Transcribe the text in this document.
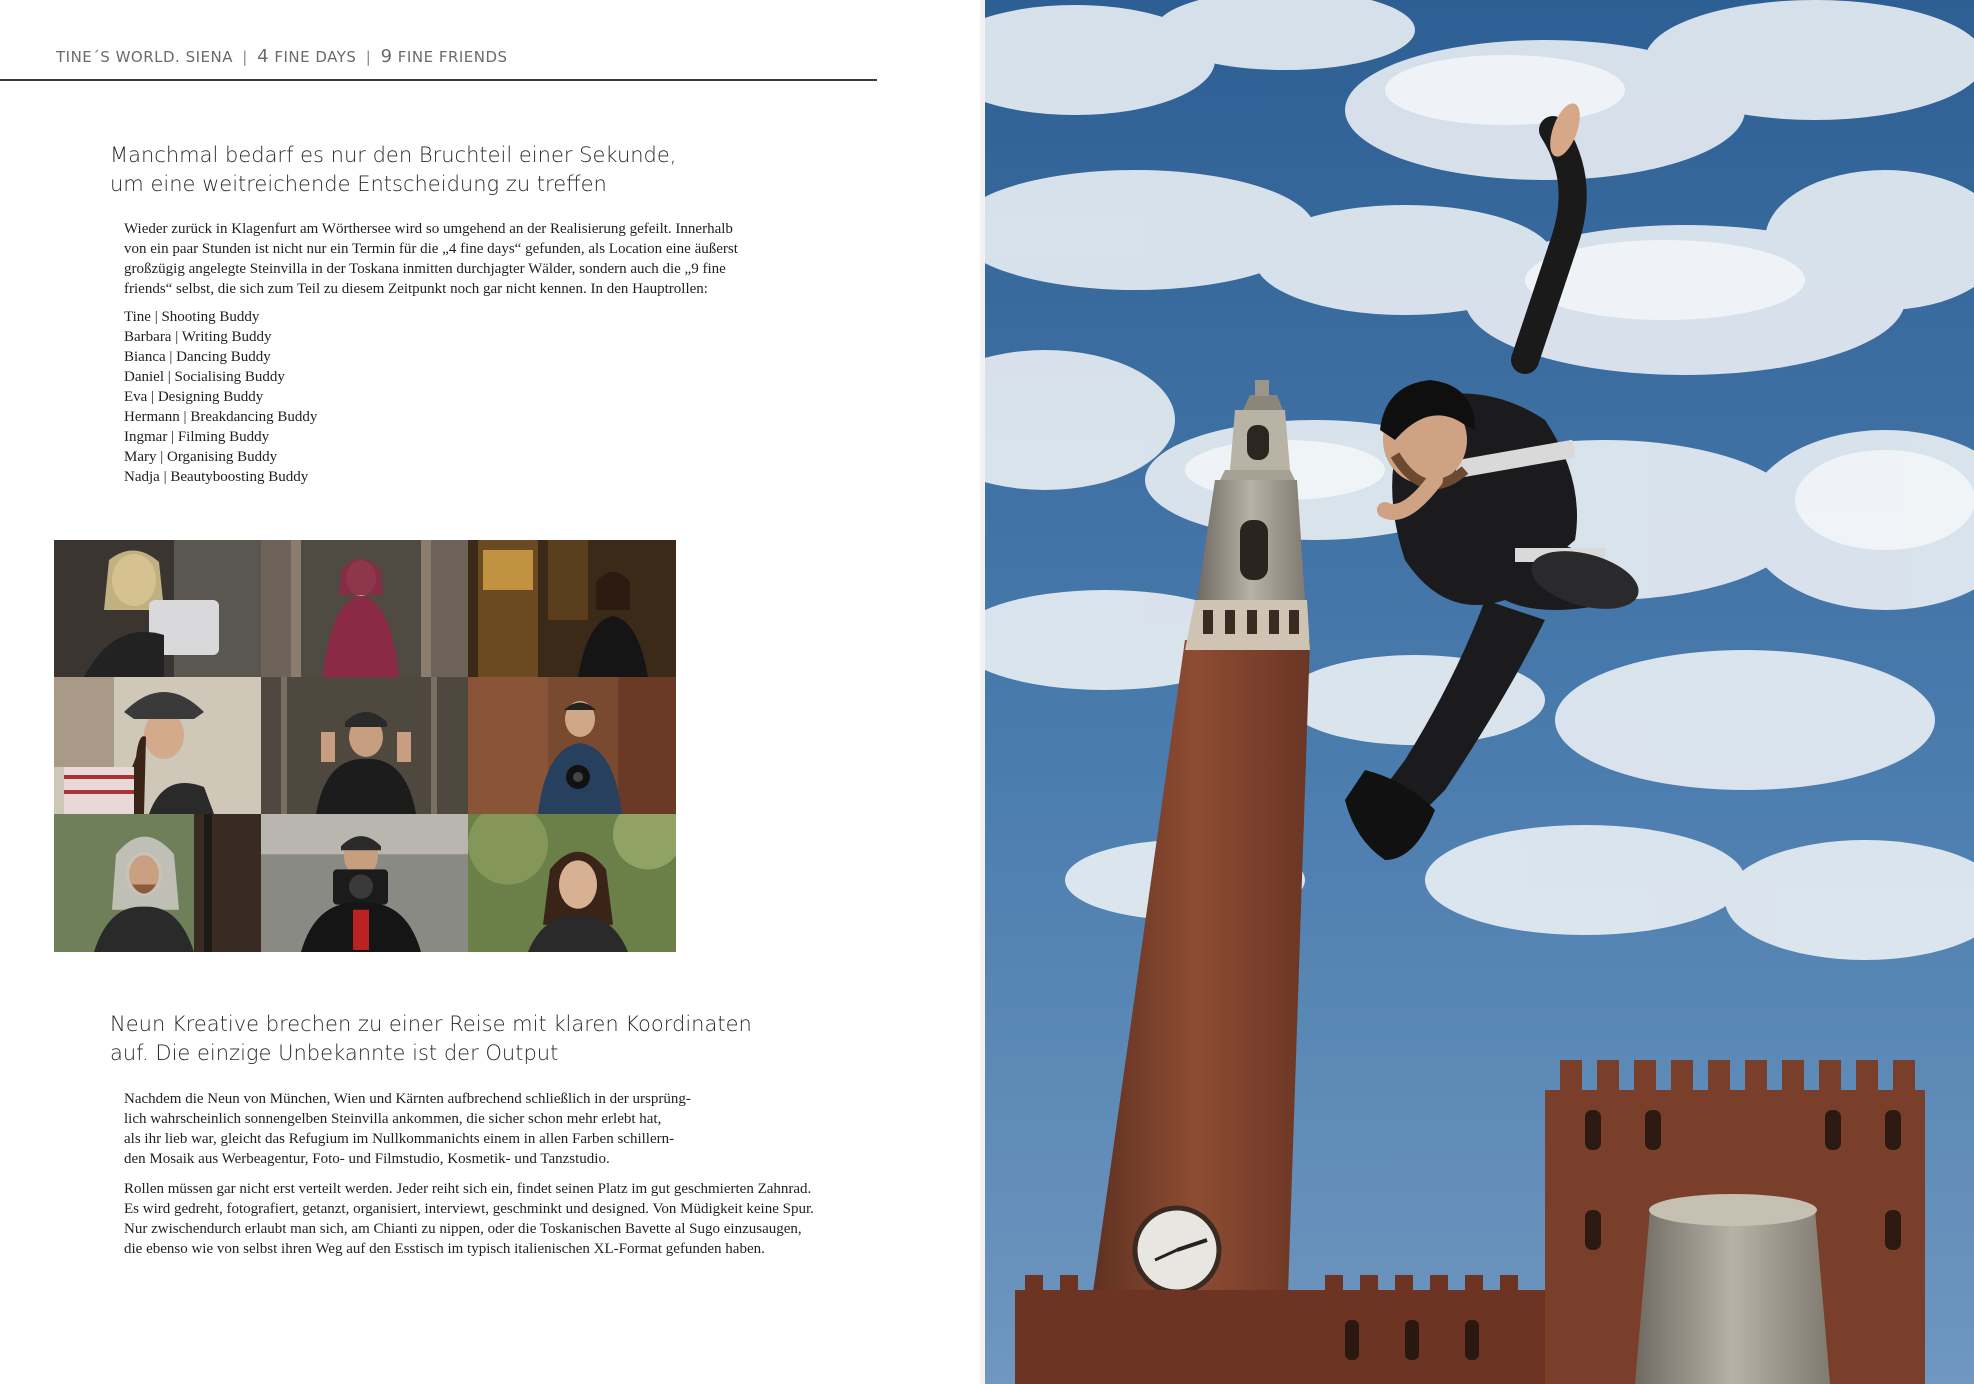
TINE´S WORLD. SIENA | 4 FINE DAYS | 9 FINE FRIENDS
Manchmal bedarf es nur den Bruchteil einer Sekunde,
um eine weitreichende Entscheidung zu treffen
Wieder zurück in Klagenfurt am Wörthersee wird so umgehend an der Realisierung gefeilt. Innerhalb
von ein paar Stunden ist nicht nur ein Termin für die „4 fine days“ gefunden, als Location eine äußerst
großzügig angelegte Steinvilla in der Toskana inmitten durchjagter Wälder, sondern auch die „9 fine
friends“ selbst, die sich zum Teil zu diesem Zeitpunkt noch gar nicht kennen. In den Hauptrollen:
Tine | Shooting Buddy
Barbara | Writing Buddy
Bianca | Dancing Buddy
Daniel | Socialising Buddy
Eva | Designing Buddy
Hermann | Breakdancing Buddy
Ingmar | Filming Buddy
Mary | Organising Buddy
Nadja | Beautyboosting Buddy
Neun Kreative brechen zu einer Reise mit klaren Koordinaten
auf. Die einzige Unbekannte ist der Output
Nachdem die Neun von München, Wien und Kärnten aufbrechend schließlich in der ursprüng-
lich wahrscheinlich sonnengelben Steinvilla ankommen, die sicher schon mehr erlebt hat,
als ihr lieb war, gleicht das Refugium im Nullkommanichts einem in allen Farben schillern-
den Mosaik aus Werbeagentur, Foto- und Filmstudio, Kosmetik- und Tanzstudio.
Rollen müssen gar nicht erst verteilt werden. Jeder reiht sich ein, findet seinen Platz im gut geschmierten Zahnrad.
Es wird gedreht, fotografiert, getanzt, organisiert, interviewt, geschminkt und designed. Von Müdigkeit keine Spur.
Nur zwischendurch erlaubt man sich, am Chianti zu nippen, oder die Toskanischen Bavette al Sugo einzusaugen,
die ebenso wie von selbst ihren Weg auf den Esstisch im typisch italienischen XL-Format gefunden haben.
